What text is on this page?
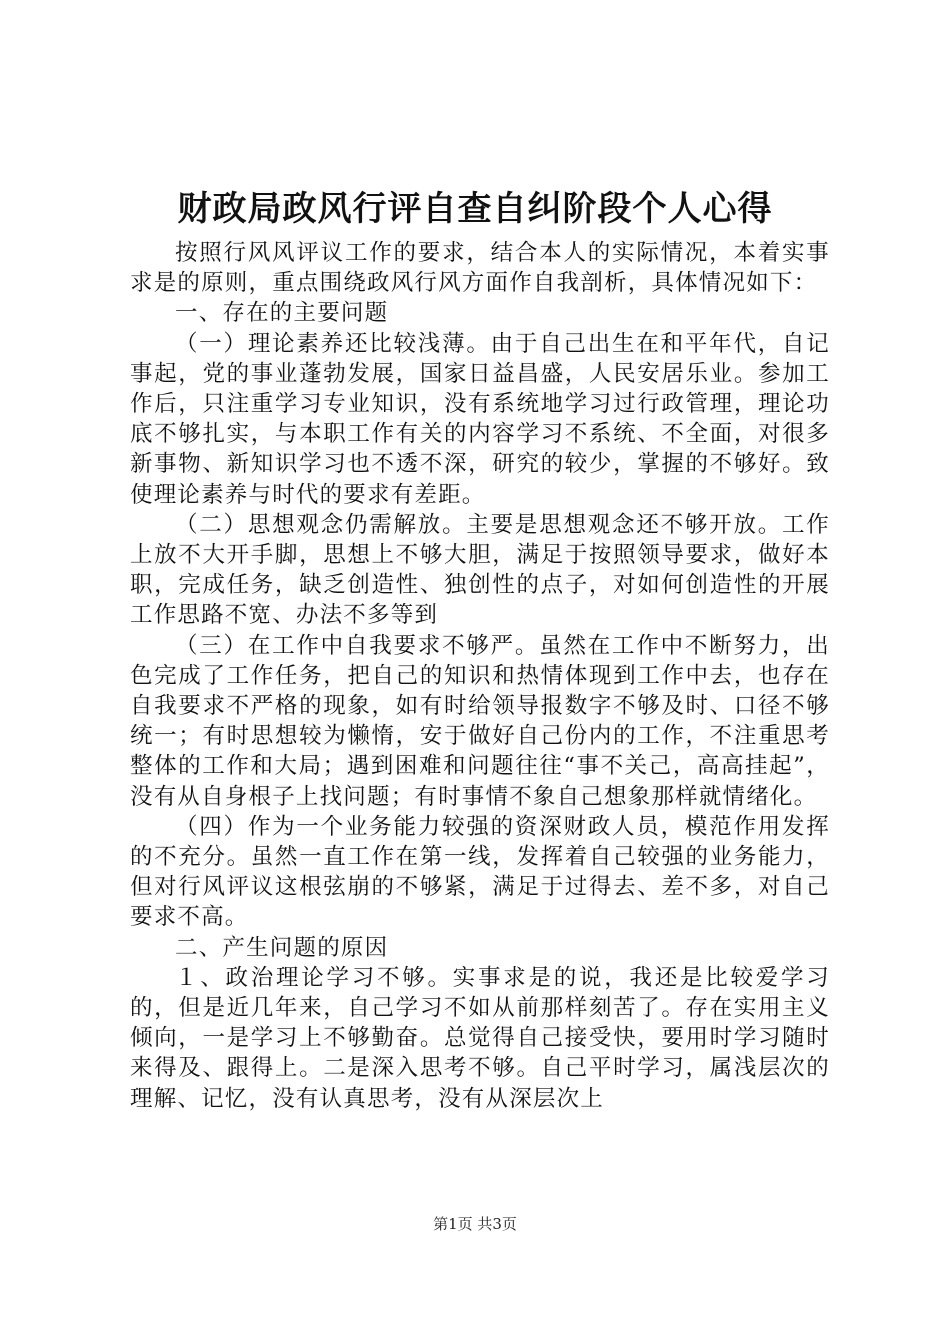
财政局政风行评自查自纠阶段个人心得

按照行风风评议工作的要求，结合本人的实际情况，本着实事求是的原则，重点围绕政风行风方面作自我剖析，具体情况如下：

一、存在的主要问题

（一）理论素养还比较浅薄。由于自己出生在和平年代，自记事起，党的事业蓬勃发展，国家日益昌盛，人民安居乐业。参加工作后，只注重学习专业知识，没有系统地学习过行政管理，理论功底不够扎实，与本职工作有关的内容学习不系统、不全面，对很多新事物、新知识学习也不透不深，研究的较少，掌握的不够好。致使理论素养与时代的要求有差距。

（二）思想观念仍需解放。主要是思想观念还不够开放。工作上放不大开手脚，思想上不够大胆，满足于按照领导要求，做好本职，完成任务，缺乏创造性、独创性的点子，对如何创造性的开展工作思路不宽、办法不多等到

（三）在工作中自我要求不够严。虽然在工作中不断努力，出色完成了工作任务，把自己的知识和热情体现到工作中去，也存在自我要求不严格的现象，如有时给领导报数字不够及时、口径不够统一；有时思想较为懒惰，安于做好自己份内的工作，不注重思考整体的工作和大局；遇到困难和问题往往“事不关己，高高挂起”，没有从自身根子上找问题；有时事情不象自己想象那样就情绪化。

（四）作为一个业务能力较强的资深财政人员，模范作用发挥的不充分。虽然一直工作在第一线，发挥着自己较强的业务能力，但对行风评议这根弦崩的不够紧，满足于过得去、差不多，对自己要求不高。

二、产生问题的原因

１、政治理论学习不够。实事求是的说，我还是比较爱学习的，但是近几年来，自己学习不如从前那样刻苦了。存在实用主义倾向，一是学习上不够勤奋。总觉得自己接受快，要用时学习随时来得及、跟得上。二是深入思考不够。自己平时学习，属浅层次的理解、记忆，没有认真思考，没有从深层次上

第1页 共3页
